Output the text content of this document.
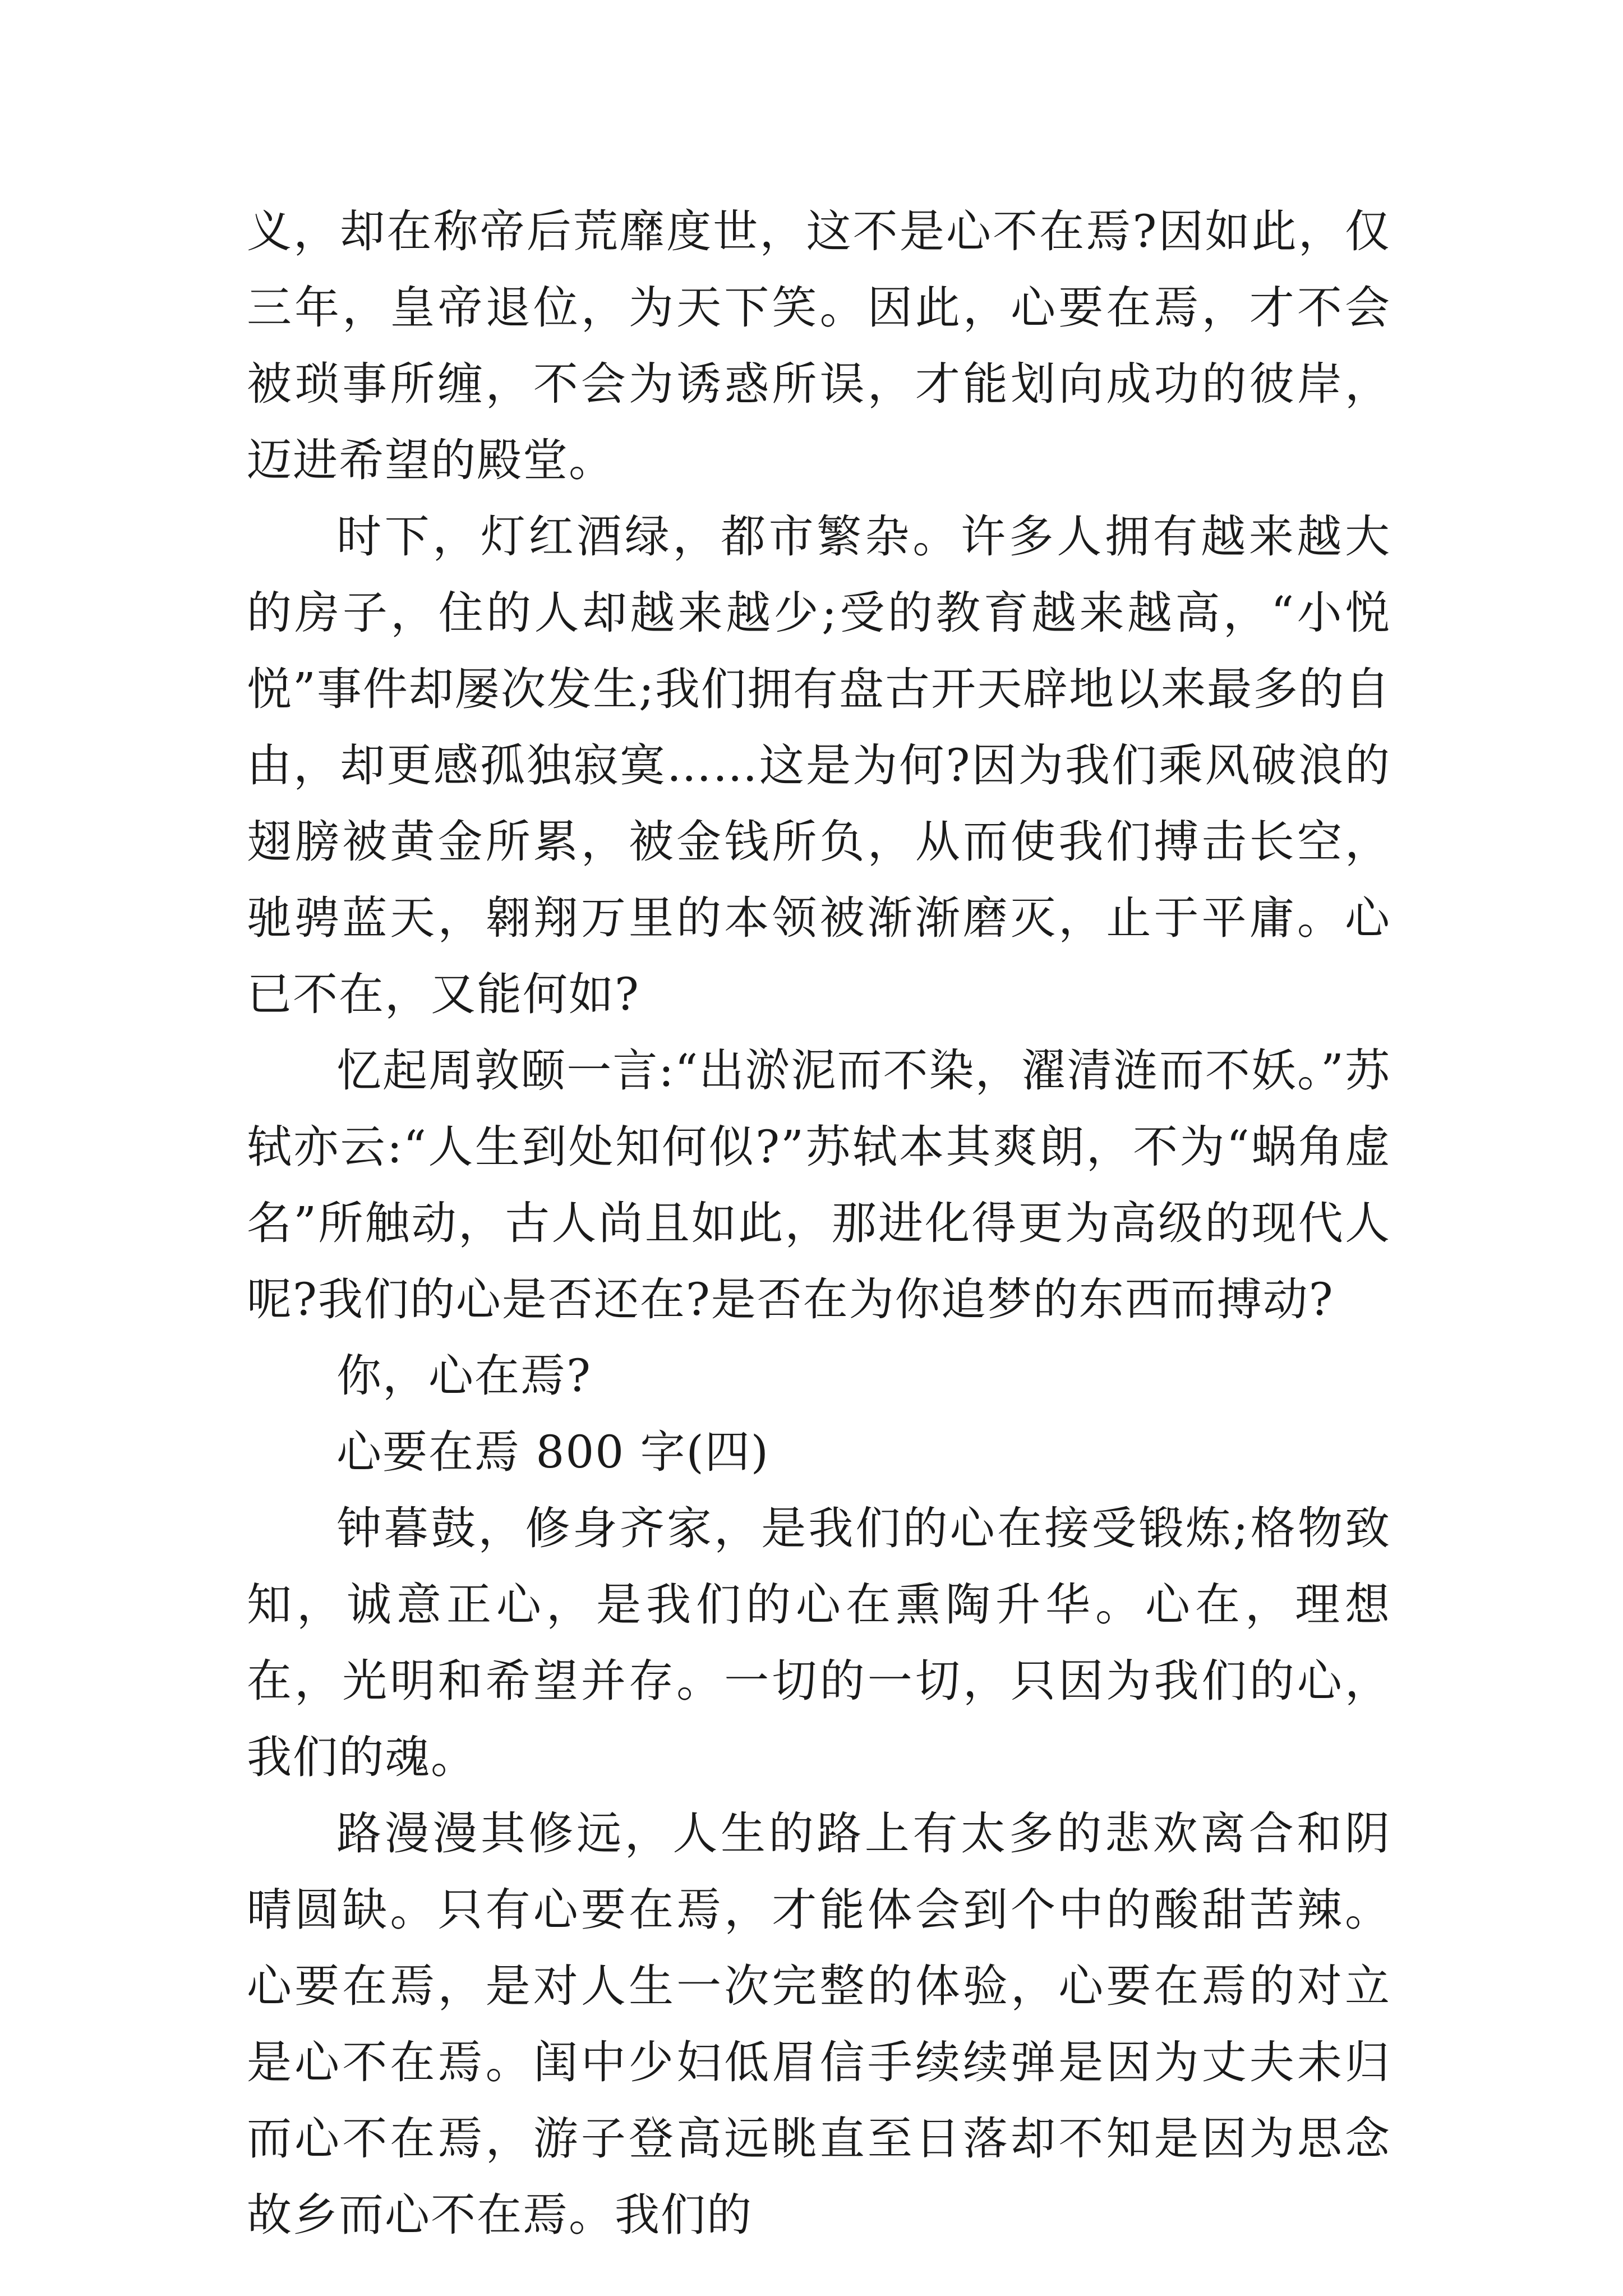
义，却在称帝后荒靡度世，这不是心不在焉?因如此，仅三年，皇帝退位，为天下笑。因此，心要在焉，才不会被琐事所缠，不会为诱惑所误，才能划向成功的彼岸，迈进希望的殿堂。

时下，灯红酒绿，都市繁杂。许多人拥有越来越大的房子，住的人却越来越少;受的教育越来越高，“小悦悦”事件却屡次发生;我们拥有盘古开天辟地以来最多的自由，却更感孤独寂寞……这是为何?因为我们乘风破浪的翅膀被黄金所累，被金钱所负，从而使我们搏击长空，驰骋蓝天，翱翔万里的本领被渐渐磨灭，止于平庸。心已不在，又能何如?

忆起周敦颐一言:“出淤泥而不染，濯清涟而不妖。”苏轼亦云:“人生到处知何似?”苏轼本其爽朗，不为“蜗角虚名”所触动，古人尚且如此，那进化得更为高级的现代人呢?我们的心是否还在?是否在为你追梦的东西而搏动?

你，心在焉?

心要在焉 800 字(四)

钟暮鼓，修身齐家，是我们的心在接受锻炼;格物致知，诚意正心，是我们的心在熏陶升华。心在，理想在，光明和希望并存。一切的一切，只因为我们的心，我们的魂。

路漫漫其修远，人生的路上有太多的悲欢离合和阴晴圆缺。只有心要在焉，才能体会到个中的酸甜苦辣。心要在焉，是对人生一次完整的体验，心要在焉的对立是心不在焉。闺中少妇低眉信手续续弹是因为丈夫未归而心不在焉，游子登高远眺直至日落却不知是因为思念故乡而心不在焉。我们的
